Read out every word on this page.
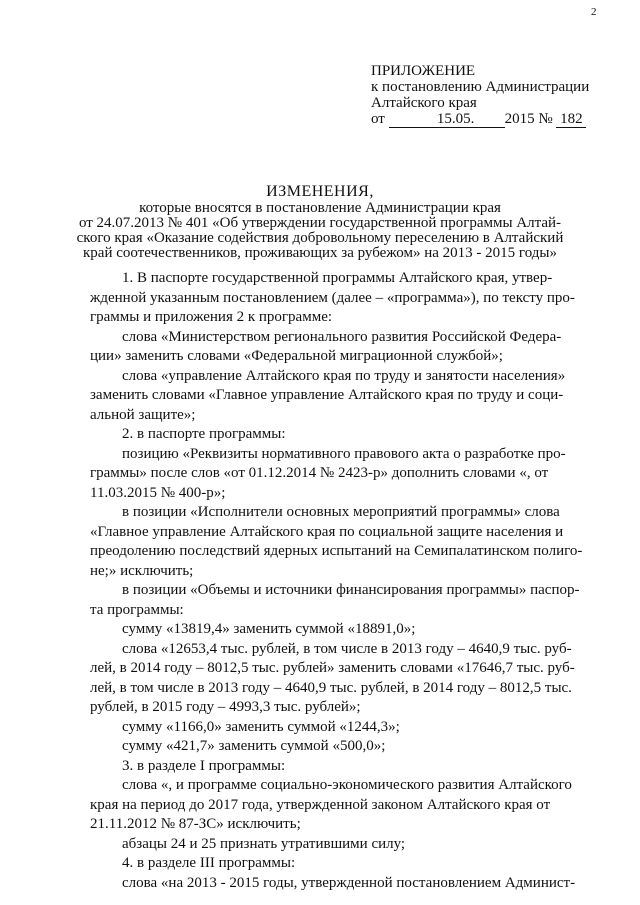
2
ПРИЛОЖЕНИЕ
к постановлению Администрации
Алтайского края
от	15.05. 2015 № 182
ИЗМЕНЕНИЯ,
которые вносятся в постановление Администрации края
от 24.07.2013 № 401 «Об утверждении государственной программы Алтай-
ского края «Оказание содействия добровольному переселению в Алтайский
край соотечественников, проживающих за рубежом» на 2013 - 2015 годы»

1. В паспорте государственной программы Алтайского края, утвер-

жденной указанным постановлением (далее – «программа»), по тексту про-

граммы и приложения 2 к программе:

слова «Министерством регионального развития Российской Федера-

ции» заменить словами «Федеральной миграционной службой»;

слова «управление Алтайского края по труду и занятости населения»

заменить словами «Главное управление Алтайского края по труду и соци-

альной защите»;

2. в паспорте программы:

позицию «Реквизиты нормативного правового акта о разработке про-

граммы» после слов «от 01.12.2014 № 2423-р» дополнить словами «, от

11.03.2015 № 400-р»;

в позиции «Исполнители основных мероприятий программы» слова

«Главное управление Алтайского края по социальной защите населения и

преодолению последствий ядерных испытаний на Семипалатинском полиго-

не;» исключить;

в позиции «Объемы и источники финансирования программы» паспор-

та программы:

сумму «13819,4» заменить суммой «18891,0»;

слова «12653,4 тыс. рублей, в том числе в 2013 году – 4640,9 тыс. руб-

лей, в 2014 году – 8012,5 тыс. рублей» заменить словами «17646,7 тыс. руб-

лей, в том числе в 2013 году – 4640,9 тыс. рублей, в 2014 году – 8012,5 тыс.

рублей, в 2015 году – 4993,3 тыс. рублей»;

сумму «1166,0» заменить суммой «1244,3»;

сумму «421,7» заменить суммой «500,0»;

3. в разделе I программы:

слова «, и программе социально-экономического развития Алтайского

края на период до 2017 года, утвержденной законом Алтайского края от

21.11.2012 № 87-ЗС» исключить;

абзацы 24 и 25 признать утратившими силу;

4. в разделе III программы:

слова «на 2013 - 2015 годы, утвержденной постановлением Админист-
